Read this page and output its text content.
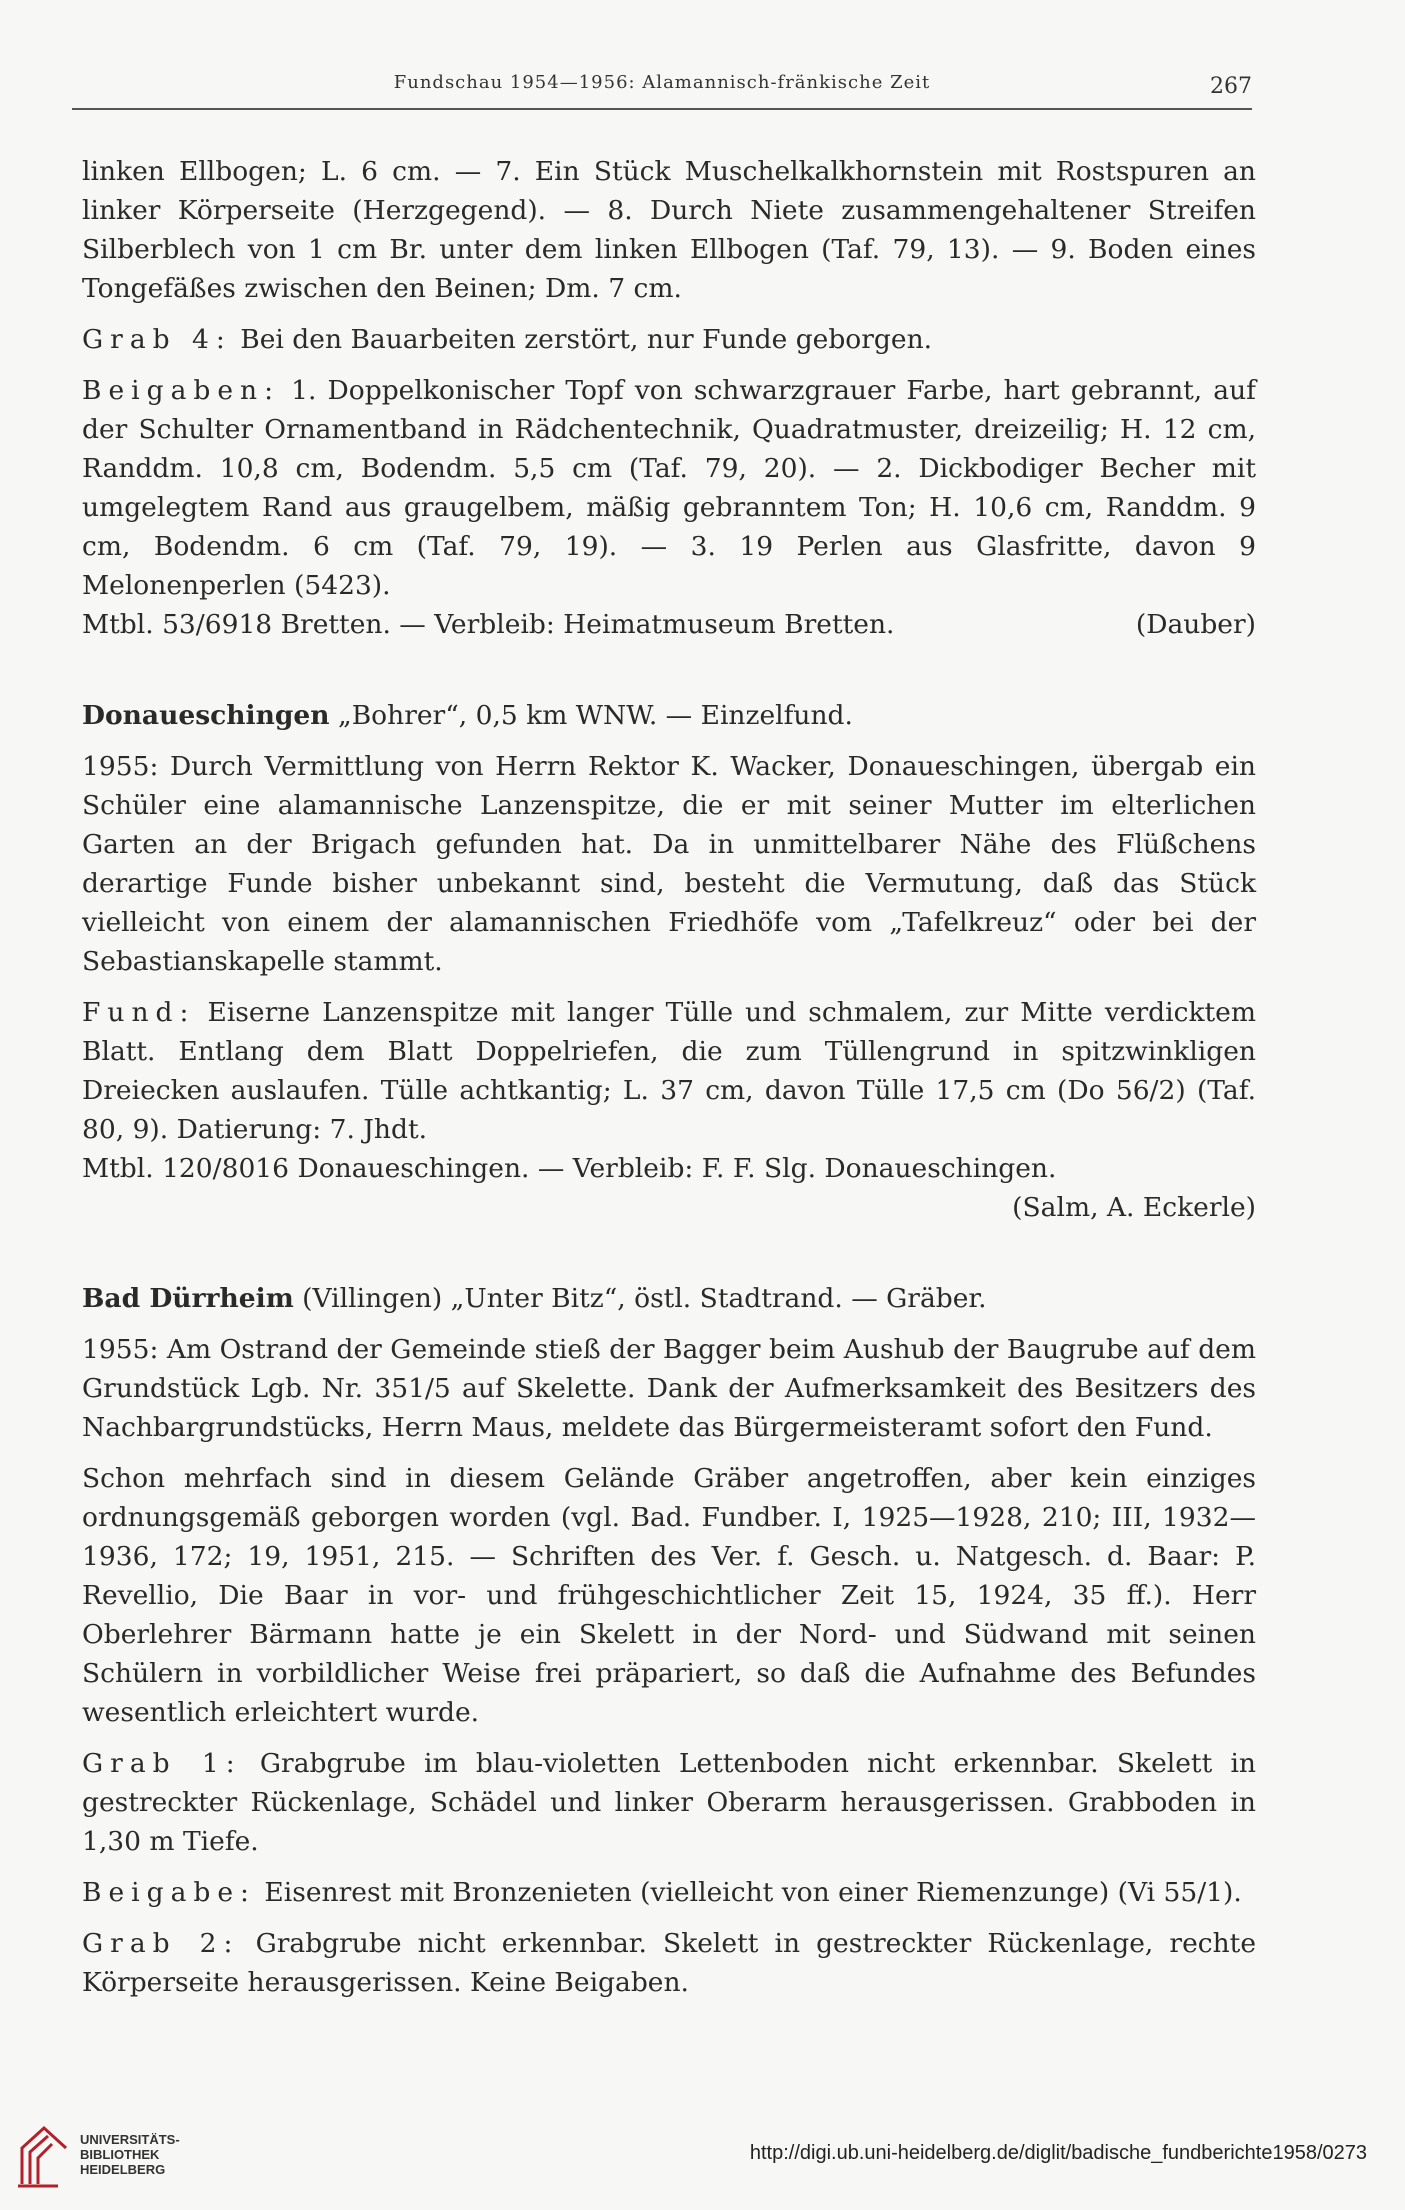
Fundschau 1954—1956: Alamannisch-fränkische Zeit	267

linken Ellbogen; L. 6 cm. — 7. Ein Stück Muschelkalkhornstein mit Rostspuren an linker Körperseite (Herzgegend). — 8. Durch Niete zusammengehaltener Streifen Silberblech von 1 cm Br. unter dem linken Ellbogen (Taf. 79, 13). — 9. Boden eines Tongefäßes zwischen den Beinen; Dm. 7 cm.

Grab 4: Bei den Bauarbeiten zerstört, nur Funde geborgen.

Beigaben: 1. Doppelkonischer Topf von schwarzgrauer Farbe, hart gebrannt, auf der Schulter Ornamentband in Rädchentechnik, Quadratmuster, dreizeilig; H. 12 cm, Randdm. 10,8 cm, Bodendm. 5,5 cm (Taf. 79, 20). — 2. Dickbodiger Becher mit umgelegtem Rand aus graugelbem, mäßig gebranntem Ton; H. 10,6 cm, Randdm. 9 cm, Bodendm. 6 cm (Taf. 79, 19). — 3. 19 Perlen aus Glasfritte, davon 9 Melonenperlen (5423).
Mtbl. 53/6918 Bretten. — Verbleib: Heimatmuseum Bretten.	(Dauber)

Donaueschingen „Bohrer“, 0,5 km WNW. — Einzelfund.

1955: Durch Vermittlung von Herrn Rektor K. Wacker, Donaueschingen, übergab ein Schüler eine alamannische Lanzenspitze, die er mit seiner Mutter im elterlichen Garten an der Brigach gefunden hat. Da in unmittelbarer Nähe des Flüßchens derartige Funde bisher unbekannt sind, besteht die Vermutung, daß das Stück vielleicht von einem der alamannischen Friedhöfe vom „Tafelkreuz“ oder bei der Sebastianskapelle stammt.

Fund: Eiserne Lanzenspitze mit langer Tülle und schmalem, zur Mitte verdicktem Blatt. Entlang dem Blatt Doppelriefen, die zum Tüllengrund in spitzwinkligen Dreiecken auslaufen. Tülle achtkantig; L. 37 cm, davon Tülle 17,5 cm (Do 56/2) (Taf. 80, 9). Datierung: 7. Jhdt.
Mtbl. 120/8016 Donaueschingen. — Verbleib: F. F. Slg. Donaueschingen.
(Salm, A. Eckerle)

Bad Dürrheim (Villingen) „Unter Bitz“, östl. Stadtrand. — Gräber.

1955: Am Ostrand der Gemeinde stieß der Bagger beim Aushub der Baugrube auf dem Grundstück Lgb. Nr. 351/5 auf Skelette. Dank der Aufmerksamkeit des Besitzers des Nachbargrundstücks, Herrn Maus, meldete das Bürgermeisteramt sofort den Fund.

Schon mehrfach sind in diesem Gelände Gräber angetroffen, aber kein einziges ordnungsgemäß geborgen worden (vgl. Bad. Fundber. I, 1925—1928, 210; III, 1932—1936, 172; 19, 1951, 215. — Schriften des Ver. f. Gesch. u. Natgesch. d. Baar: P. Revellio, Die Baar in vor- und frühgeschichtlicher Zeit 15, 1924, 35 ff.). Herr Oberlehrer Bärmann hatte je ein Skelett in der Nord- und Südwand mit seinen Schülern in vorbildlicher Weise frei präpariert, so daß die Aufnahme des Befundes wesentlich erleichtert wurde.

Grab 1: Grabgrube im blau-violetten Lettenboden nicht erkennbar. Skelett in gestreckter Rückenlage, Schädel und linker Oberarm herausgerissen. Grabboden in 1,30 m Tiefe.

Beigabe: Eisenrest mit Bronzenieten (vielleicht von einer Riemenzunge) (Vi 55/1).

Grab 2: Grabgrube nicht erkennbar. Skelett in gestreckter Rückenlage, rechte Körperseite herausgerissen. Keine Beigaben.

UNIVERSITÄTS-
BIBLIOTHEK
HEIDELBERG
http://digi.ub.uni-heidelberg.de/diglit/badische_fundberichte1958/0273
